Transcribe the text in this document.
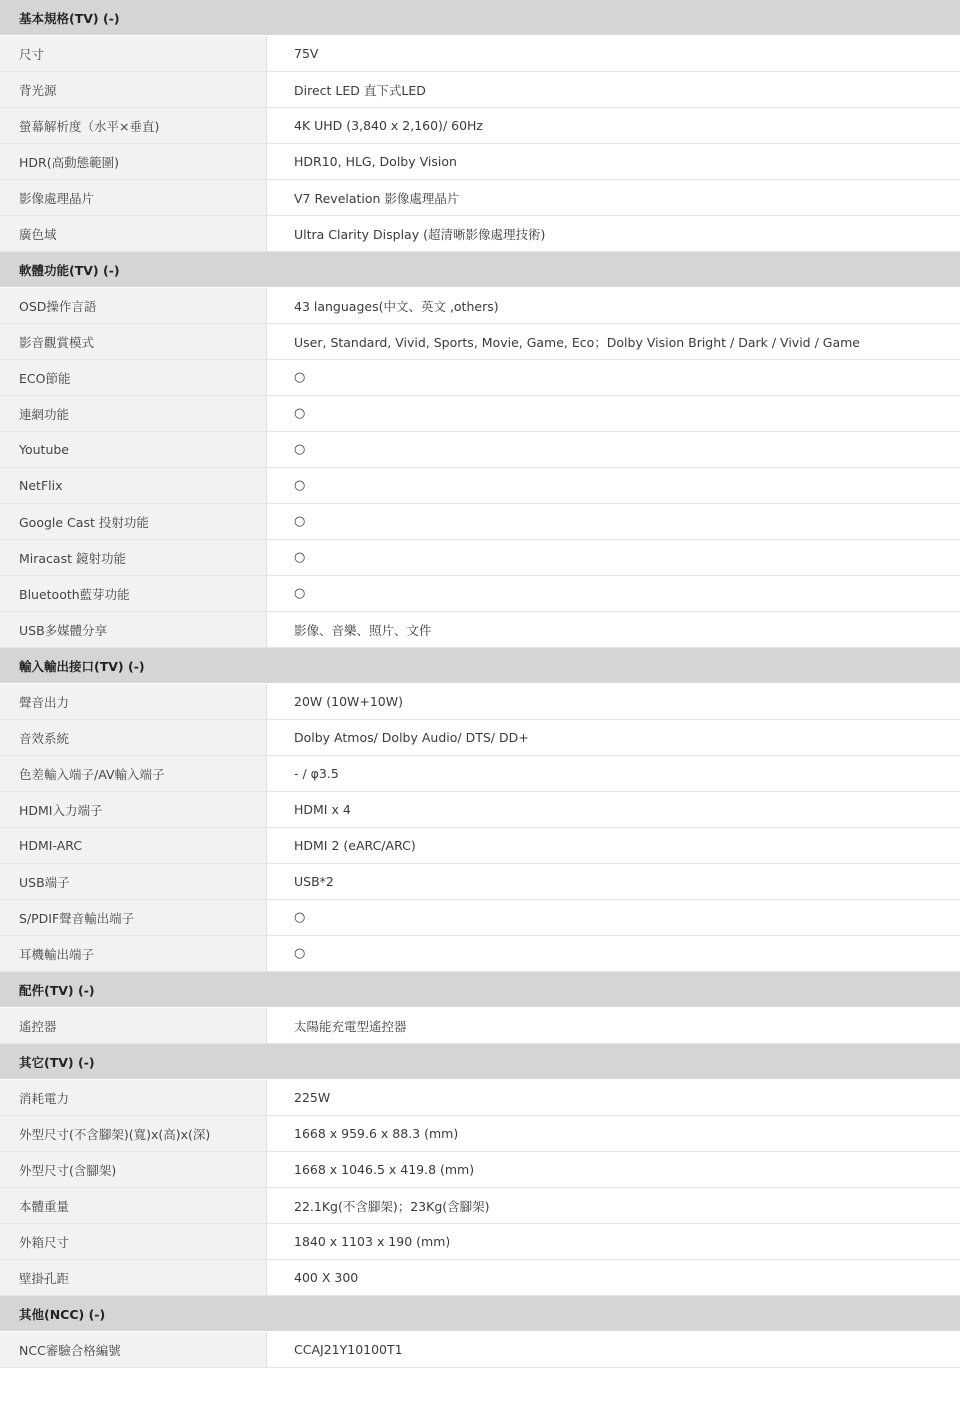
基本規格(TV) (-)
尺寸	75V
背光源	Direct LED 直下式LED
螢幕解析度（水平×垂直)	4K UHD (3,840 x 2,160)/ 60Hz
HDR(高動態範圍)	HDR10, HLG, Dolby Vision
影像處理晶片	V7 Revelation 影像處理晶片
廣色域	Ultra Clarity Display (超清晰影像處理技術)
軟體功能(TV) (-)
OSD操作言語	43 languages(中文、英文 ,others)
影音觀賞模式	User, Standard, Vivid, Sports, Movie, Game, Eco；Dolby Vision Bright / Dark / Vivid / Game
ECO節能	○
連網功能	○
Youtube	○
NetFlix	○
Google Cast 投射功能	○
Miracast 鏡射功能	○
Bluetooth藍芽功能	○
USB多媒體分享	影像、音樂、照片、文件
輸入輸出接口(TV) (-)
聲音出力	20W (10W+10W)
音效系統	Dolby Atmos/ Dolby Audio/ DTS/ DD+
色差輸入端子/AV輸入端子	- / φ3.5
HDMI入力端子	HDMI x 4
HDMI-ARC	HDMI 2 (eARC/ARC)
USB端子	USB*2
S/PDIF聲音輸出端子	○
耳機輸出端子	○
配件(TV) (-)
遙控器	太陽能充電型遙控器
其它(TV) (-)
消耗電力	225W
外型尺寸(不含腳架)(寬)x(高)x(深)	1668 x 959.6 x 88.3 (mm)
外型尺寸(含腳架)	1668 x 1046.5 x 419.8 (mm)
本體重量	22.1Kg(不含腳架)；23Kg(含腳架)
外箱尺寸	1840 x 1103 x 190 (mm)
壁掛孔距	400 X 300
其他(NCC) (-)
NCC審驗合格編號	CCAJ21Y10100T1
